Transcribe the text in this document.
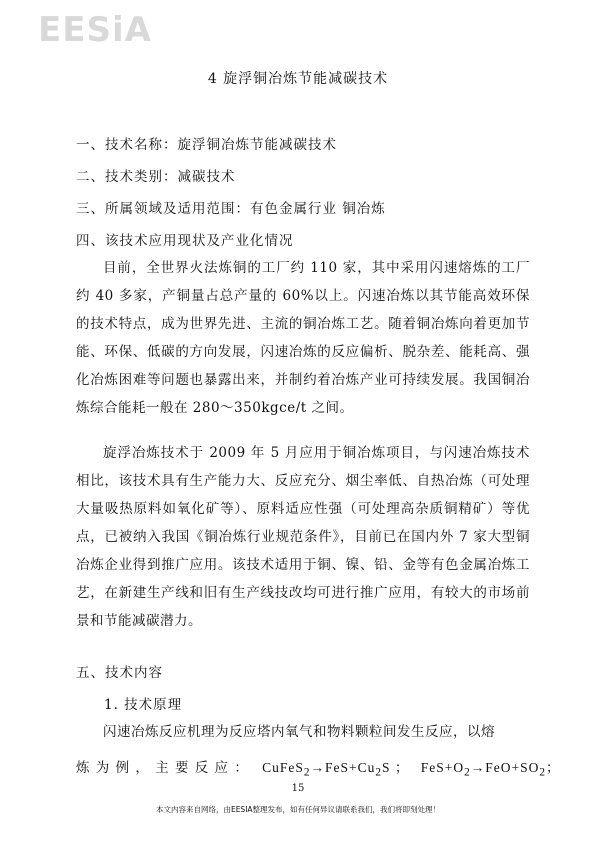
EESiA
4 旋浮铜冶炼节能减碳技术
一、技术名称：旋浮铜冶炼节能减碳技术
二、技术类别：减碳技术
三、所属领域及适用范围：有色金属行业 铜冶炼
四、该技术应用现状及产业化情况

目前，全世界火法炼铜的工厂约 110 家，其中采用闪速熔炼的工厂约 40 多家，产铜量占总产量的 60%以上。闪速冶炼以其节能高效环保的技术特点，成为世界先进、主流的铜冶炼工艺。随着铜冶炼向着更加节能、环保、低碳的方向发展，闪速冶炼的反应偏析、脱杂差、能耗高、强化冶炼困难等问题也暴露出来，并制约着冶炼产业可持续发展。我国铜冶炼综合能耗一般在 280～350kgce/t 之间。

旋浮冶炼技术于 2009 年 5 月应用于铜冶炼项目，与闪速冶炼技术相比，该技术具有生产能力大、反应充分、烟尘率低、自热冶炼（可处理大量吸热原料如氧化矿等）、原料适应性强（可处理高杂质铜精矿）等优点，已被纳入我国《铜冶炼行业规范条件》，目前已在国内外 7 家大型铜冶炼企业得到推广应用。该技术适用于铜、镍、铅、金等有色金属冶炼工艺，在新建生产线和旧有生产线技改均可进行推广应用，有较大的市场前景和节能减碳潜力。

五、技术内容
1. 技术原理

闪速冶炼反应机理为反应塔内氧气和物料颗粒间发生反应，以熔

炼 为 例 ， 主 要 反 应 ： $CuFeS_2\to FeS+Cu_2S$ ； $FeS+O_2\to FeO+SO_2$；
15
本文内容来自网络，由EESIA整理发布，如有任何异议请联系我们，我们将即刻处理！
